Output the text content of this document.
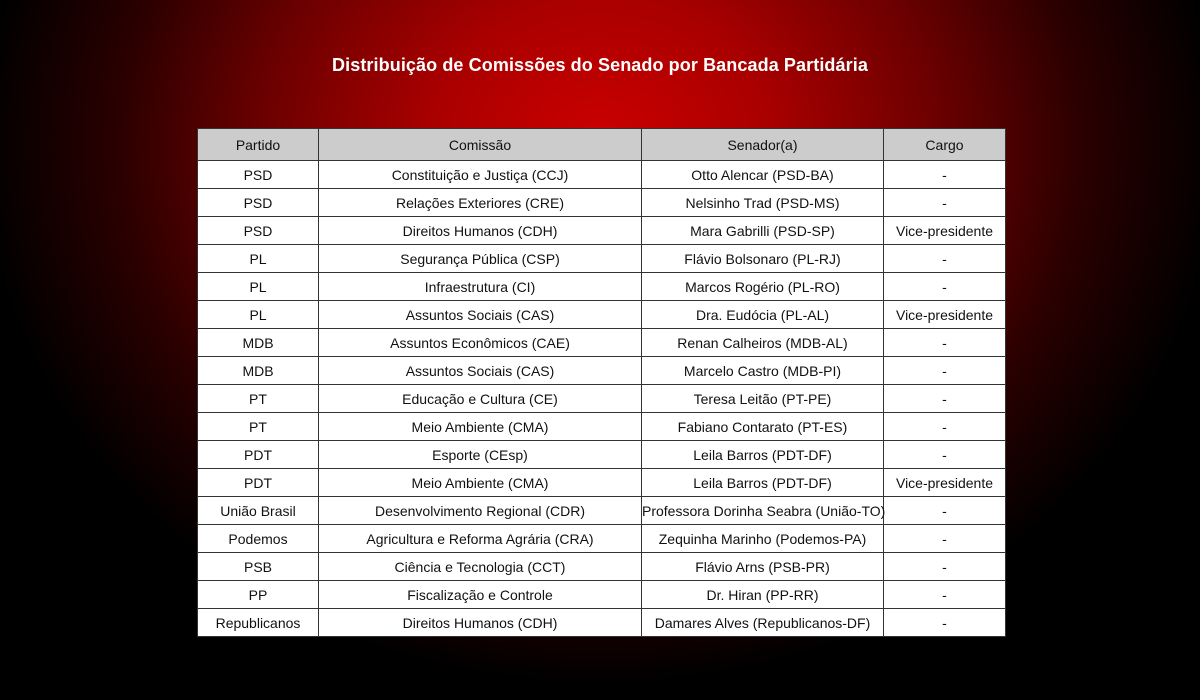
Distribuição de Comissões do Senado por Bancada Partidária
Partido	Comissão	Senador(a)	Cargo
PSD	Constituição e Justiça (CCJ)	Otto Alencar (PSD-BA)	-
PSD	Relações Exteriores (CRE)	Nelsinho Trad (PSD-MS)	-
PSD	Direitos Humanos (CDH)	Mara Gabrilli (PSD-SP)	Vice-presidente
PL	Segurança Pública (CSP)	Flávio Bolsonaro (PL-RJ)	-
PL	Infraestrutura (CI)	Marcos Rogério (PL-RO)	-
PL	Assuntos Sociais (CAS)	Dra. Eudócia (PL-AL)	Vice-presidente
MDB	Assuntos Econômicos (CAE)	Renan Calheiros (MDB-AL)	-
MDB	Assuntos Sociais (CAS)	Marcelo Castro (MDB-PI)	-
PT	Educação e Cultura (CE)	Teresa Leitão (PT-PE)	-
PT	Meio Ambiente (CMA)	Fabiano Contarato (PT-ES)	-
PDT	Esporte (CEsp)	Leila Barros (PDT-DF)	-
PDT	Meio Ambiente (CMA)	Leila Barros (PDT-DF)	Vice-presidente
União Brasil	Desenvolvimento Regional (CDR)	Professora Dorinha Seabra (União-TO)	-
Podemos	Agricultura e Reforma Agrária (CRA)	Zequinha Marinho (Podemos-PA)	-
PSB	Ciência e Tecnologia (CCT)	Flávio Arns (PSB-PR)	-
PP	Fiscalização e Controle	Dr. Hiran (PP-RR)	-
Republicanos	Direitos Humanos (CDH)	Damares Alves (Republicanos-DF)	-
